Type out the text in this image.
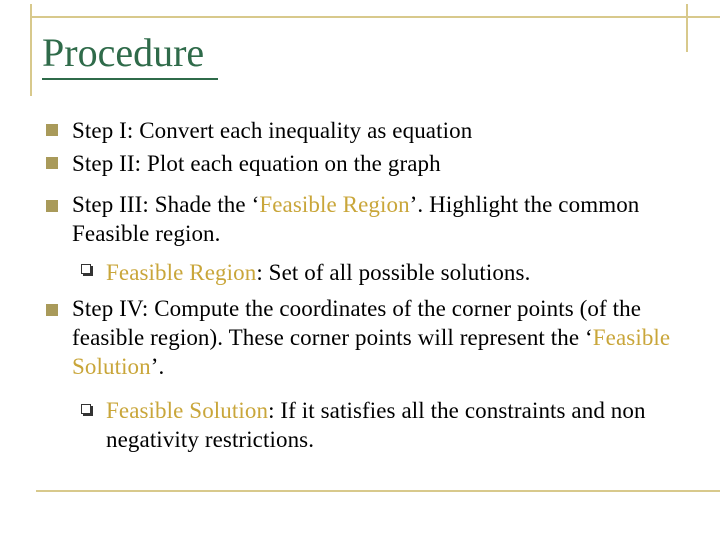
Procedure

Step I: Convert each inequality as equation

Step II: Plot each equation on the graph

Step III: Shade the ‘Feasible Region’. Highlight the common Feasible region.

Feasible Region: Set of all possible solutions.

Step IV: Compute the coordinates of the corner points (of the feasible region). These corner points will represent the ‘Feasible Solution’.

Feasible Solution: If it satisfies all the constraints and non negativity restrictions.
